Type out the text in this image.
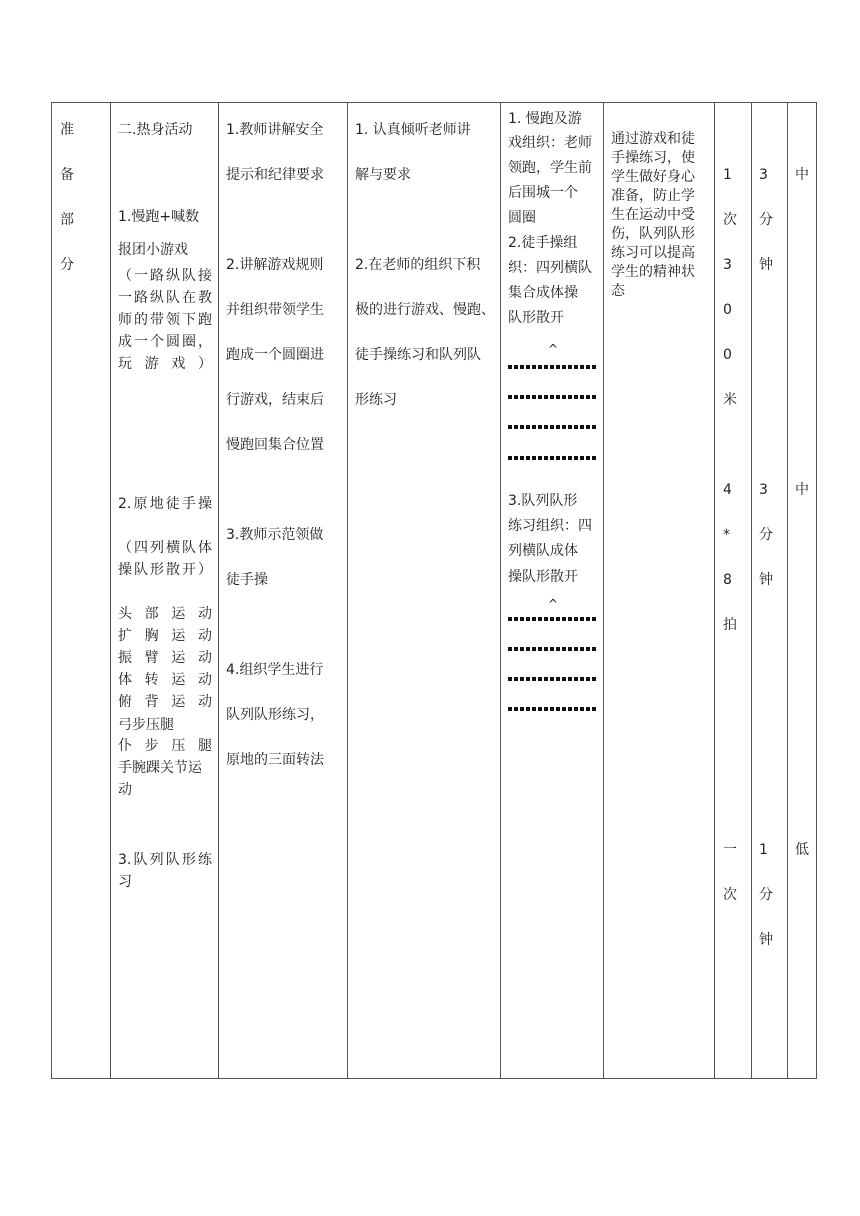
准
备
部
分
二.热身活动
1.慢跑+喊数
报团小游戏
（一路纵队接一路纵队在教师的带领下跑成一个圆圈，玩游戏）
2.原地徒手操
（四列横队体操队形散开）
头部运动
扩胸运动
振臂运动
体转运动
俯背运动
弓步压腿
仆步压腿
手腕踝关节运动
3.队列队形练习
1.教师讲解安全
提示和纪律要求
2.讲解游戏规则
并组织带领学生
跑成一个圆圈进
行游戏，结束后
慢跑回集合位置
3.教师示范领做
徒手操
4.组织学生进行
队列队形练习，
原地的三面转法
1. 认真倾听老师讲
解与要求
2.在老师的组织下积
极的进行游戏、慢跑、
徒手操练习和队列队
形练习
1. 慢跑及游
戏组织：老师
领跑，学生前
后围城一个
圆圈
2.徒手操组
织：四列横队
集合成体操
队形散开
^
3.队列队形
练习组织：四
列横队成体
操队形散开
^
通过游戏和徒
手操练习，使
学生做好身心
准备，防止学
生在运动中受
伤，队列队形
练习可以提高
学生的精神状
态
1
次
3
0
0
米
4
*
8
拍
一
次
3
分
钟
3
分
钟
1
分
钟
中
中
低
